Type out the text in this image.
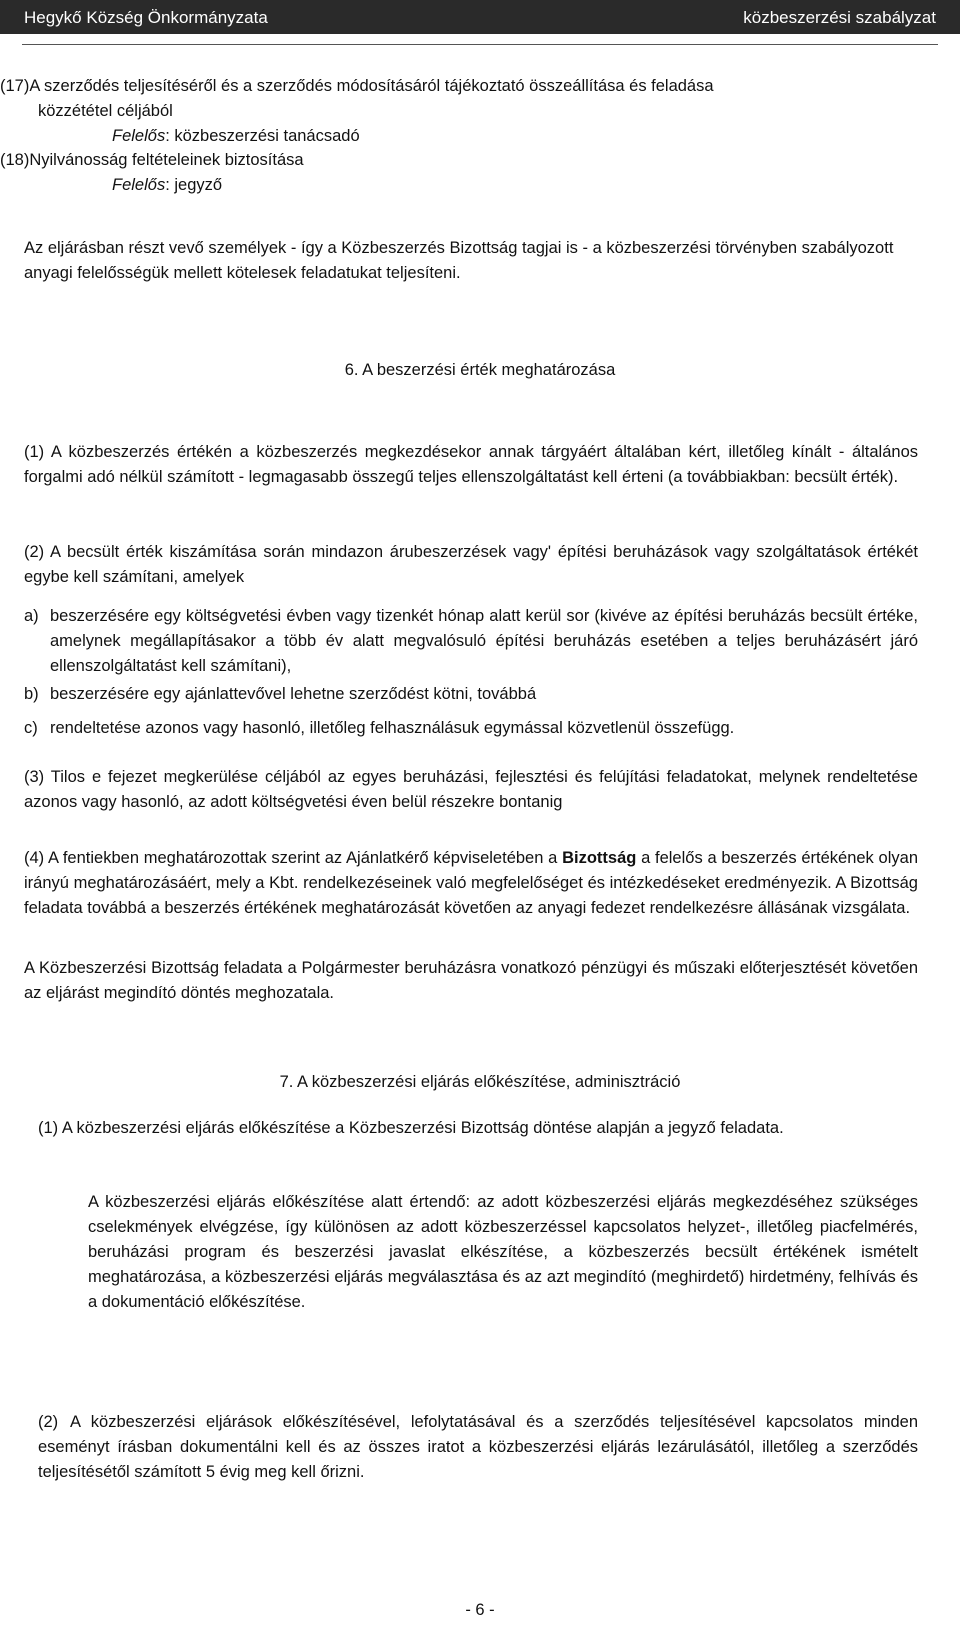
Hegykő Község Önkormányzata	közbeszerzési szabályzat
(17) A szerződés teljesítéséről és a szerződés módosításáról tájékoztató összeállítása és feladása
közzététel céljából
Felelős: közbeszerzési tanácsadó
(18) Nyilvánosság feltételeinek biztosítása
Felelős: jegyző
Az eljárásban részt vevő személyek - így a Közbeszerzés Bizottság tagjai is - a közbeszerzési törvényben szabályozott anyagi felelősségük mellett kötelesek feladatukat teljesíteni.
6. A beszerzési érték meghatározása
(1) A közbeszerzés értékén a közbeszerzés megkezdésekor annak tárgyáért általában kért, illetőleg kínált - általános forgalmi adó nélkül számított - legmagasabb összegű teljes ellenszolgáltatást kell érteni (a továbbiakban: becsült érték).
(2) A becsült érték kiszámítása során mindazon árubeszerzések vagy' építési beruházások vagy szolgáltatások értékét egybe kell számítani, amelyek
a) beszerzésére egy költségvetési évben vagy tizenkét hónap alatt kerül sor (kivéve az építési beruházás becsült értéke, amelynek megállapításakor a több év alatt megvalósuló építési beruházás esetében a teljes beruházásért járó ellenszolgáltatást kell számítani),
b) beszerzésére egy ajánlattevővel lehetne szerződést kötni, továbbá
c) rendeltetése azonos vagy hasonló, illetőleg felhasználásuk egymással közvetlenül összefügg.
(3) Tilos e fejezet megkerülése céljából az egyes beruházási, fejlesztési és felújítási feladatokat, melynek rendeltetése azonos vagy hasonló, az adott költségvetési éven belül részekre bontanig
(4) A fentiekben meghatározottak szerint az Ajánlatkérő képviseletében a Bizottság a felelős a beszerzés értékének olyan irányú meghatározásáért, mely a Kbt. rendelkezéseinek való megfelelőséget és intézkedéseket eredményezik. A Bizottság feladata továbbá a beszerzés értékének meghatározását követően az anyagi fedezet rendelkezésre állásának vizsgálata.
A Közbeszerzési Bizottság feladata a Polgármester beruházásra vonatkozó pénzügyi és műszaki előterjesztését követően az eljárást megindító döntés meghozatala.
7. A közbeszerzési eljárás előkészítése, adminisztráció
(1) A közbeszerzési eljárás előkészítése a Közbeszerzési Bizottság döntése alapján a jegyző feladata.
A közbeszerzési eljárás előkészítése alatt értendő: az adott közbeszerzési eljárás megkezdéséhez szükséges cselekmények elvégzése, így különösen az adott közbeszerzéssel kapcsolatos helyzet-, illetőleg piacfelmérés, beruházási program és beszerzési javaslat elkészítése, a közbeszerzés becsült értékének ismételt meghatározása, a közbeszerzési eljárás megválasztása és az azt megindító (meghirdető) hirdetmény, felhívás és a dokumentáció előkészítése.
(2) A közbeszerzési eljárások előkészítésével, lefolytatásával és a szerződés teljesítésével kapcsolatos minden eseményt írásban dokumentálni kell és az összes iratot a közbeszerzési eljárás lezárulásától, illetőleg a szerződés teljesítésétől számított 5 évig meg kell őrizni.
- 6 -
